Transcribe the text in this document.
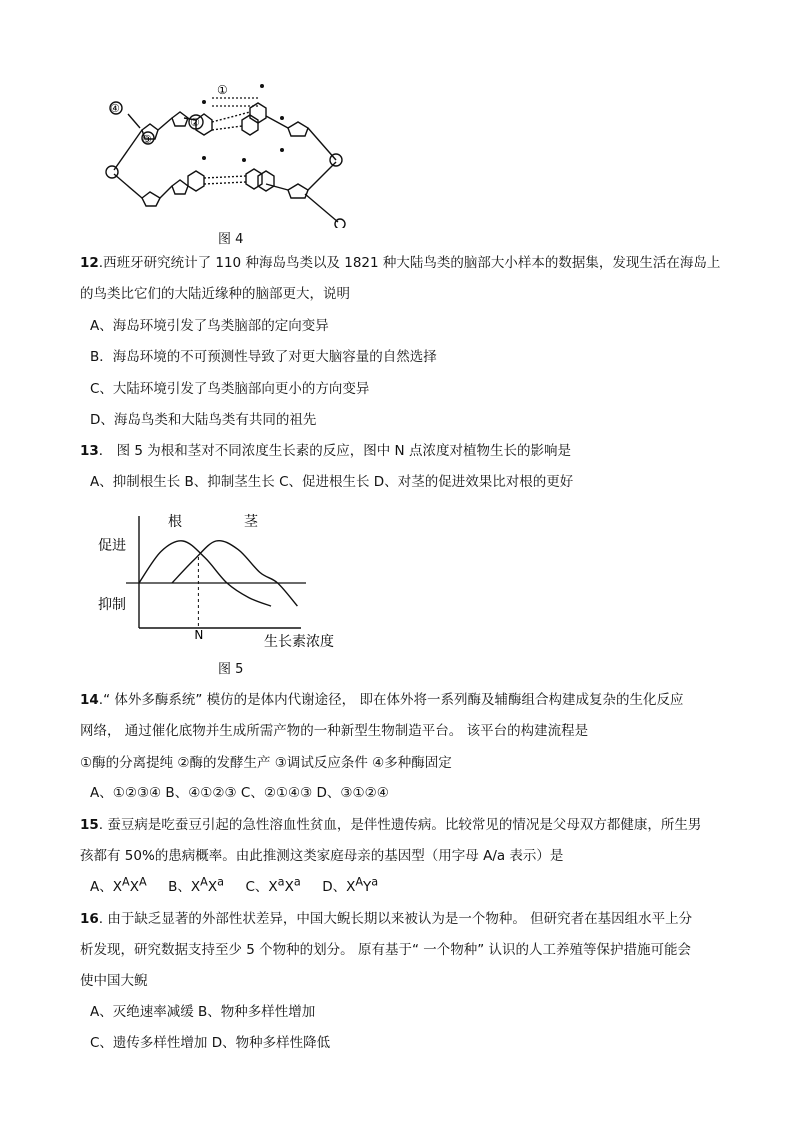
①
②
③
④
图 4
12.西班牙研究统计了 110 种海岛鸟类以及 1821 种大陆鸟类的脑部大小样本的数据集，发现生活在海岛上
的鸟类比它们的大陆近缘种的脑部更大，说明
A、海岛环境引发了鸟类脑部的定向变异
B．海岛环境的不可预测性导致了对更大脑容量的自然选择
C、大陆环境引发了鸟类脑部向更小的方向变异
D、海岛鸟类和大陆鸟类有共同的祖先
13． 图 5 为根和茎对不同浓度生长素的反应，图中 N 点浓度对植物生长的影响是
A、抑制根生长 B、抑制茎生长 C、促进根生长 D、对茎的促进效果比对根的更好
根	茎
促进
抑制
N	生长素浓度
图 5
14.“ 体外多酶系统” 模仿的是体内代谢途径， 即在体外将一系列酶及辅酶组合构建成复杂的生化反应
网络， 通过催化底物并生成所需产物的一种新型生物制造平台。 该平台的构建流程是
①酶的分离提纯 ②酶的发酵生产 ③调试反应条件 ④多种酶固定
A、①②③④ B、④①②③ C、②①④③ D、③①②④
15. 蚕豆病是吃蚕豆引起的急性溶血性贫血，是伴性遗传病。比较常见的情况是父母双方都健康，所生男
孩都有 50%的患病概率。由此推测这类家庭母亲的基因型（用字母 A/a 表示）是
A、$X^AX^A$ B、$X^AX^a$ C、$X^aX^a$ D、$X^AY^a$
16. 由于缺乏显著的外部性状差异，中国大鲵长期以来被认为是一个物种。 但研究者在基因组水平上分
析发现，研究数据支持至少 5 个物种的划分。 原有基于“ 一个物种” 认识的人工养殖等保护措施可能会
使中国大鲵
A、灭绝速率减缓 B、物种多样性增加
C、遗传多样性增加 D、物种多样性降低
